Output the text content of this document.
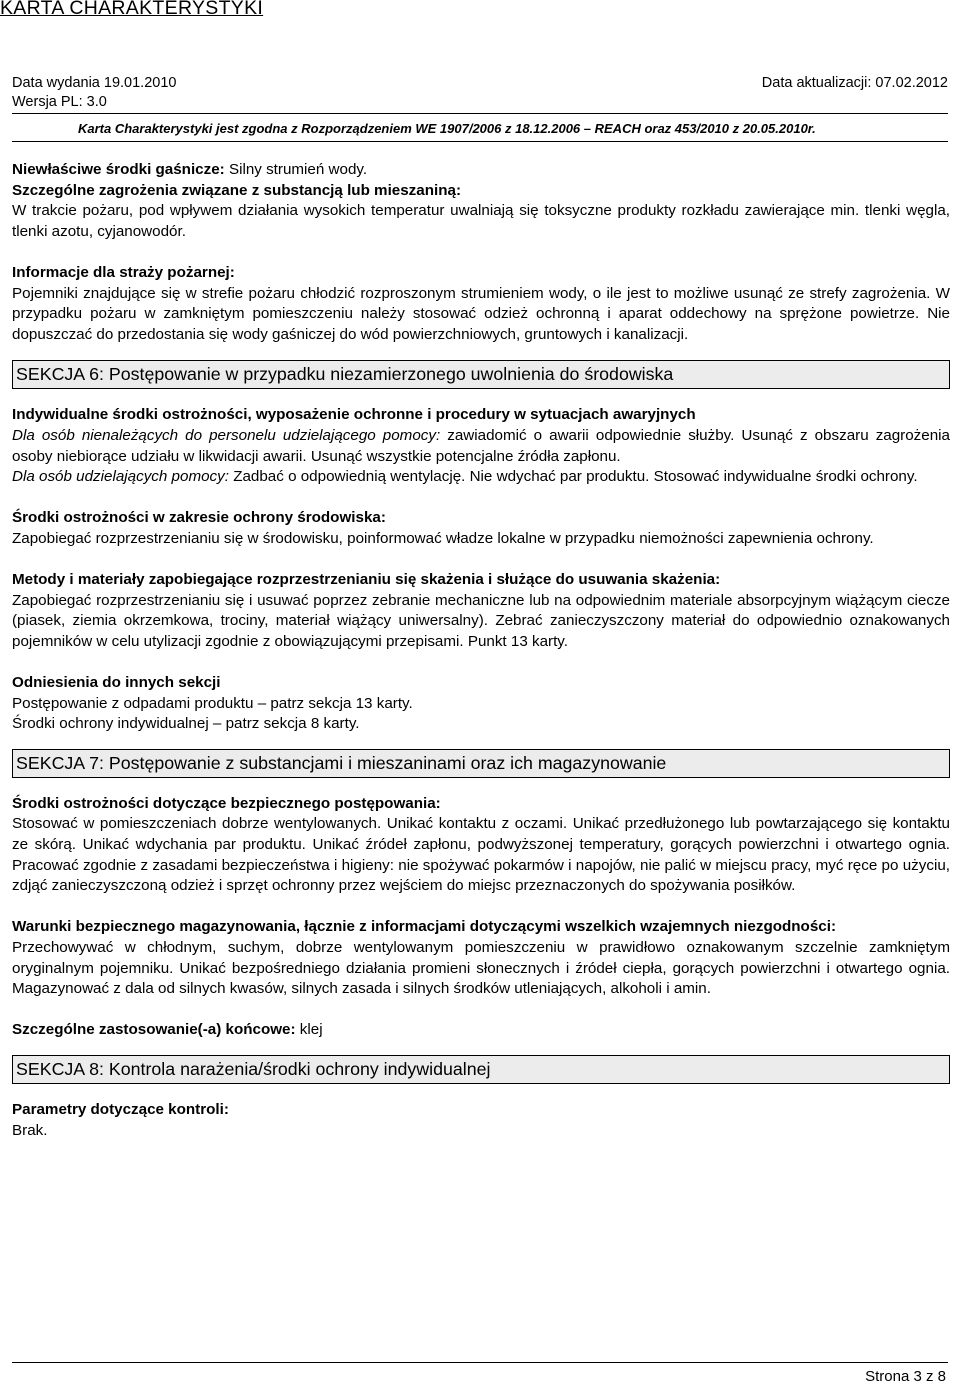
KARTA CHARAKTERYSTYKI
Data wydania 19.01.2010	Data aktualizacji: 07.02.2012
Wersja PL: 3.0
Karta Charakterystyki jest zgodna z Rozporządzeniem WE 1907/2006 z 18.12.2006 – REACH oraz 453/2010 z 20.05.2010r.

Niewłaściwe środki gaśnicze: Silny strumień wody.

Szczególne zagrożenia związane z substancją lub mieszaniną:

W trakcie pożaru, pod wpływem działania wysokich temperatur uwalniają się toksyczne produkty rozkładu zawierające min. tlenki węgla, tlenki azotu, cyjanowodór.

Informacje dla straży pożarnej:

Pojemniki znajdujące się w strefie pożaru chłodzić rozproszonym strumieniem wody, o ile jest to możliwe usunąć ze strefy zagrożenia. W przypadku pożaru w zamkniętym pomieszczeniu należy stosować odzież ochronną i aparat oddechowy na sprężone powietrze. Nie dopuszczać do przedostania się wody gaśniczej do wód powierzchniowych, gruntowych i kanalizacji.

SEKCJA 6: Postępowanie w przypadku niezamierzonego uwolnienia do środowiska

Indywidualne środki ostrożności, wyposażenie ochronne i procedury w sytuacjach awaryjnych

Dla osób nienależących do personelu udzielającego pomocy: zawiadomić o awarii odpowiednie służby. Usunąć z obszaru zagrożenia osoby niebiorące udziału w likwidacji awarii. Usunąć wszystkie potencjalne źródła zapłonu.

Dla osób udzielających pomocy: Zadbać o odpowiednią wentylację. Nie wdychać par produktu. Stosować indywidualne środki ochrony.

Środki ostrożności w zakresie ochrony środowiska:

Zapobiegać rozprzestrzenianiu się w środowisku, poinformować władze lokalne w przypadku niemożności zapewnienia ochrony.

Metody i materiały zapobiegające rozprzestrzenianiu się skażenia i służące do usuwania skażenia:

Zapobiegać rozprzestrzenianiu się i usuwać poprzez zebranie mechaniczne lub na odpowiednim materiale absorpcyjnym wiążącym ciecze (piasek, ziemia okrzemkowa, trociny, materiał wiążący uniwersalny). Zebrać zanieczyszczony materiał do odpowiednio oznakowanych pojemników w celu utylizacji zgodnie z obowiązującymi przepisami. Punkt 13 karty.

Odniesienia do innych sekcji

Postępowanie z odpadami produktu – patrz sekcja 13 karty.

Środki ochrony indywidualnej – patrz sekcja 8 karty.

SEKCJA 7: Postępowanie z substancjami i mieszaninami oraz ich magazynowanie

Środki ostrożności dotyczące bezpiecznego postępowania:

Stosować w pomieszczeniach dobrze wentylowanych. Unikać kontaktu z oczami. Unikać przedłużonego lub powtarzającego się kontaktu ze skórą. Unikać wdychania par produktu. Unikać źródeł zapłonu, podwyższonej temperatury, gorących powierzchni i otwartego ognia. Pracować zgodnie z zasadami bezpieczeństwa i higieny: nie spożywać pokarmów i napojów, nie palić w miejscu pracy, myć ręce po użyciu, zdjąć zanieczyszczoną odzież i sprzęt ochronny przez wejściem do miejsc przeznaczonych do spożywania posiłków.

Warunki bezpiecznego magazynowania, łącznie z informacjami dotyczącymi wszelkich wzajemnych niezgodności:

Przechowywać w chłodnym, suchym, dobrze wentylowanym pomieszczeniu w prawidłowo oznakowanym szczelnie zamkniętym oryginalnym pojemniku. Unikać bezpośredniego działania promieni słonecznych i źródeł ciepła, gorących powierzchni i otwartego ognia. Magazynować z dala od silnych kwasów, silnych zasada i silnych środków utleniających, alkoholi i amin.

Szczególne zastosowanie(-a) końcowe: klej

SEKCJA 8: Kontrola narażenia/środki ochrony indywidualnej

Parametry dotyczące kontroli:

Brak.

Strona 3 z 8
